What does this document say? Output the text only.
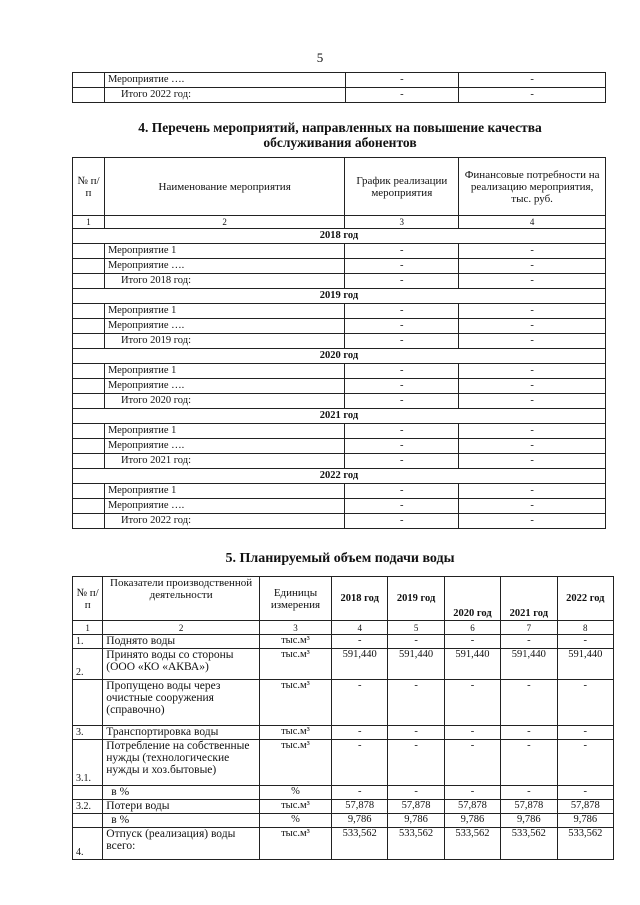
5
	Мероприятие ….	-	-
	Итого 2022 год:	-	-
4. Перечень мероприятий, направленных на повышение качества
обслуживания абонентов
№ п/п	Наименование мероприятия	График реализации мероприятия	Финансовые потребности на реализацию мероприятия, тыс. руб.
1	2	3	4
2018 год			
	Мероприятие 1	-	-
	Мероприятие ….	-	-
	Итого 2018 год:	-	-
2019 год			
	Мероприятие 1	-	-
	Мероприятие ….	-	-
	Итого 2019 год:	-	-
2020 год			
	Мероприятие 1	-	-
	Мероприятие ….	-	-
	Итого 2020 год:	-	-
2021 год			
	Мероприятие 1	-	-
	Мероприятие ….	-	-
	Итого 2021 год:	-	-
2022 год			
	Мероприятие 1	-	-
	Мероприятие ….	-	-
	Итого 2022 год:	-	-
5. Планируемый объем подачи воды
№ п/п	Показатели производственной деятельности	Единицы измерения	2018 год	2019 год	2020 год	2021 год	2022 год
1	2	3	4	5	6	7	8
1.	Поднято воды	тыс.м³	-	-	-	-	-
2.	Принято воды со стороны (ООО «КО «АКВА»)	тыс.м³	591,440	591,440	591,440	591,440	591,440
	Пропущено воды через очистные сооружения (справочно)	тыс.м³	-	-	-	-	-
3.	Транспортировка воды	тыс.м³	-	-	-	-	-
3.1.	Потребление на собственные нужды (технологические нужды и хоз.бытовые)	тыс.м³	-	-	-	-	-
	в %	%	-	-	-	-	-
3.2.	Потери воды	тыс.м³	57,878	57,878	57,878	57,878	57,878
	в %	%	9,786	9,786	9,786	9,786	9,786
4.	Отпуск (реализация) воды всего:	тыс.м³	533,562	533,562	533,562	533,562	533,562
